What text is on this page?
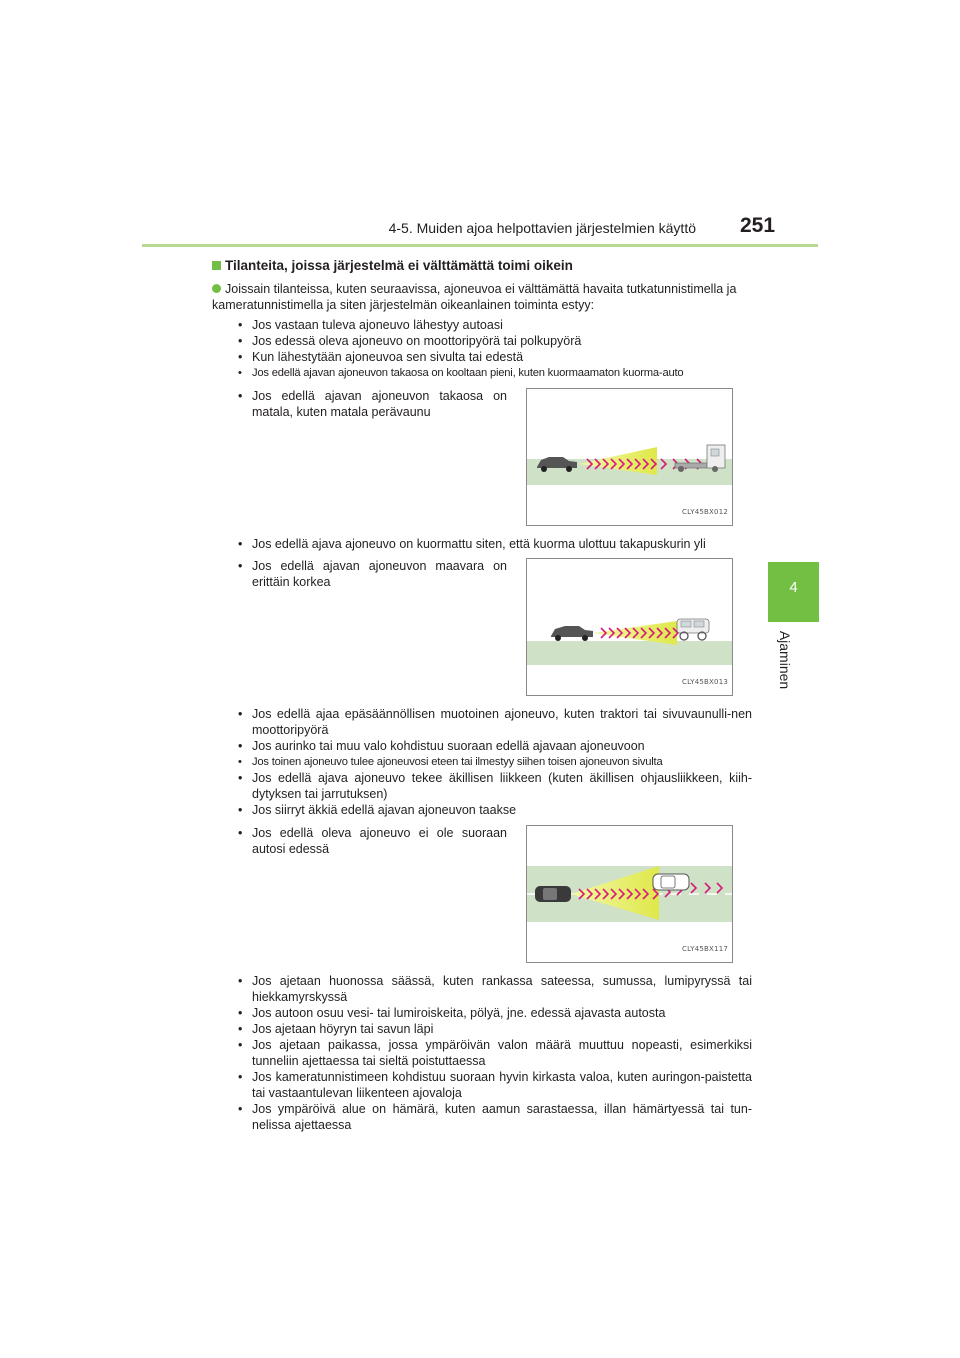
4-5. Muiden ajoa helpottavien järjestelmien käyttö 251
4
Ajaminen
Tilanteita, joissa järjestelmä ei välttämättä toimi oikein
Joissain tilanteissa, kuten seuraavissa, ajoneuvoa ei välttämättä havaita tutkatunnistimella ja kameratunnistimella ja siten järjestelmän oikeanlainen toiminta estyy:
• Jos vastaan tuleva ajoneuvo lähestyy autoasi
• Jos edessä oleva ajoneuvo on moottoripyörä tai polkupyörä
• Kun lähestytään ajoneuvoa sen sivulta tai edestä
• Jos edellä ajavan ajoneuvon takaosa on kooltaan pieni, kuten kuormaamaton kuorma-auto
• Jos edellä ajavan ajoneuvon takaosa on matala, kuten matala perävaunu
CLY45BX012
• Jos edellä ajava ajoneuvo on kuormattu siten, että kuorma ulottuu takapuskurin yli
• Jos edellä ajavan ajoneuvon maavara on erittäin korkea
CLY45BX013
• Jos edellä ajaa epäsäännöllisen muotoinen ajoneuvo, kuten traktori tai sivuvaunulli-nen moottoripyörä
• Jos aurinko tai muu valo kohdistuu suoraan edellä ajavaan ajoneuvoon
• Jos toinen ajoneuvo tulee ajoneuvosi eteen tai ilmestyy siihen toisen ajoneuvon sivulta
• Jos edellä ajava ajoneuvo tekee äkillisen liikkeen (kuten äkillisen ohjausliikkeen, kiih-dytyksen tai jarrutuksen)
• Jos siirryt äkkiä edellä ajavan ajoneuvon taakse
• Jos edellä oleva ajoneuvo ei ole suoraan autosi edessä
CLY45BX117
• Jos ajetaan huonossa säässä, kuten rankassa sateessa, sumussa, lumipyryssä tai hiekkamyrskyssä
• Jos autoon osuu vesi- tai lumiroiskeita, pölyä, jne. edessä ajavasta autosta
• Jos ajetaan höyryn tai savun läpi
• Jos ajetaan paikassa, jossa ympäröivän valon määrä muuttuu nopeasti, esimerkiksi tunneliin ajettaessa tai sieltä poistuttaessa
• Jos kameratunnistimeen kohdistuu suoraan hyvin kirkasta valoa, kuten auringon-paistetta tai vastaantulevan liikenteen ajovaloja
• Jos ympäröivä alue on hämärä, kuten aamun sarastaessa, illan hämärtyessä tai tun-nelissa ajettaessa
